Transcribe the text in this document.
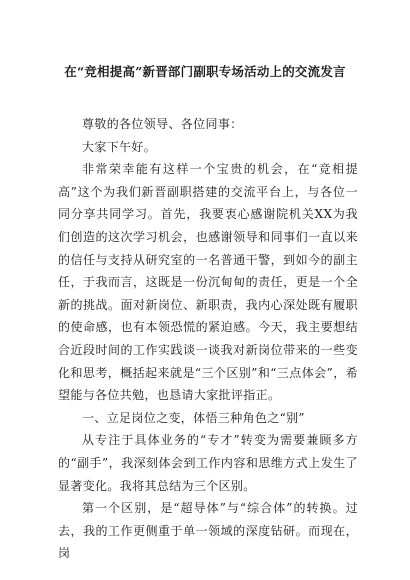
在“竞相提高”新晋部门副职专场活动上的交流发言

尊敬的各位领导、各位同事：

大家下午好。

非常荣幸能有这样一个宝贵的机会，在“竞相提高”这个为我们新晋副职搭建的交流平台上，与各位一同分享共同学习。首先，我要衷心感谢院机关XX为我们创造的这次学习机会，也感谢领导和同事们一直以来的信任与支持从研究室的一名普通干警，到如今的副主任，于我而言，这既是一份沉甸甸的责任，更是一个全新的挑战。面对新岗位、新职责，我内心深处既有履职的使命感，也有本领恐慌的紧迫感。今天，我主要想结合近段时间的工作实践谈一谈我对新岗位带来的一些变化和思考，概括起来就是“三个区别”和“三点体会”，希望能与各位共勉，也恳请大家批评指正。

一、立足岗位之变，体悟三种角色之“别”

从专注于具体业务的“专才”转变为需要兼顾多方的“副手”，我深刻体会到工作内容和思维方式上发生了显著变化。我将其总结为三个区别。

第一个区别，是“超导体”与“综合体”的转换。过去，我的工作更侧重于单一领域的深度钻研。而现在，岗
